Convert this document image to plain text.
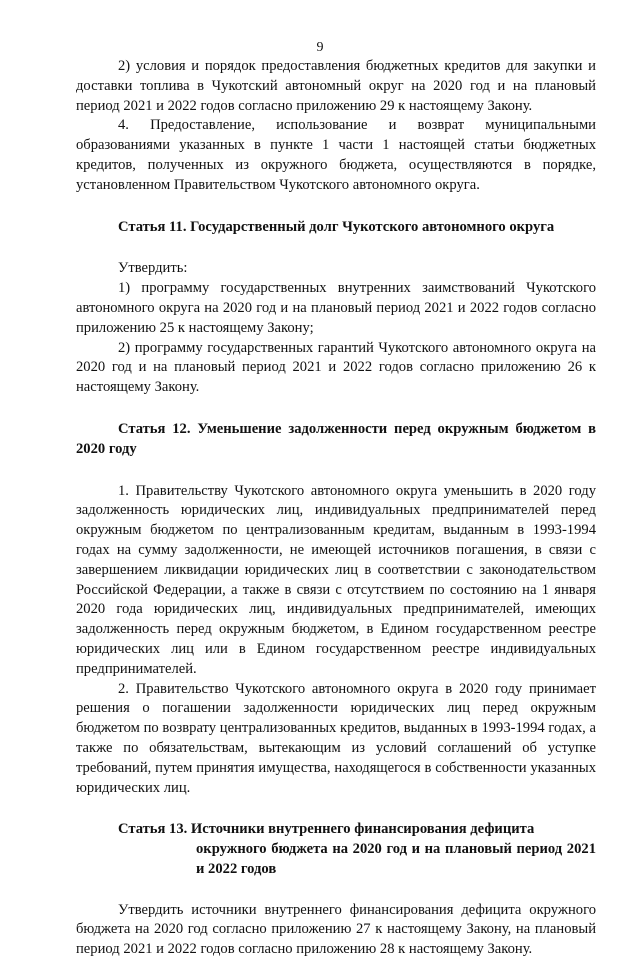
9

2) условия и порядок предоставления бюджетных кредитов для закупки и доставки топлива в Чукотский автономный округ на 2020 год и на плановый период 2021 и 2022 годов согласно приложению 29 к настоящему Закону.

4. Предоставление, использование и возврат муниципальными образованиями указанных в пункте 1 части 1 настоящей статьи бюджетных кредитов, полученных из окружного бюджета, осуществляются в порядке, установленном Правительством Чукотского автономного округа.

Статья 11. Государственный долг Чукотского автономного округа

Утвердить:

1) программу государственных внутренних заимствований Чукотского автономного округа на 2020 год и на плановый период 2021 и 2022 годов согласно приложению 25 к настоящему Закону;

2) программу государственных гарантий Чукотского автономного округа на 2020 год и на плановый период 2021 и 2022 годов согласно приложению 26 к настоящему Закону.

Статья 12. Уменьшение задолженности перед окружным бюджетом в 2020 году

1. Правительству Чукотского автономного округа уменьшить в 2020 году задолженность юридических лиц, индивидуальных предпринимателей перед окружным бюджетом по централизованным кредитам, выданным в 1993-1994 годах на сумму задолженности, не имеющей источников погашения, в связи с завершением ликвидации юридических лиц в соответствии с законодательством Российской Федерации, а также в связи с отсутствием по состоянию на 1 января 2020 года юридических лиц, индивидуальных предпринимателей, имеющих задолженность перед окружным бюджетом, в Едином государственном реестре юридических лиц или в Едином государственном реестре индивидуальных предпринимателей.

2. Правительство Чукотского автономного округа в 2020 году принимает решения о погашении задолженности юридических лиц перед окружным бюджетом по возврату централизованных кредитов, выданных в 1993-1994 годах, а также по обязательствам, вытекающим из условий соглашений об уступке требований, путем принятия имущества, находящегося в собственности указанных юридических лиц.

Статья 13. Источники внутреннего финансирования дефицита
окружного бюджета на 2020 год и на плановый период 2021 и 2022 годов

Утвердить источники внутреннего финансирования дефицита окружного бюджета на 2020 год согласно приложению 27 к настоящему Закону, на плановый период 2021 и 2022 годов согласно приложению 28 к настоящему Закону.
